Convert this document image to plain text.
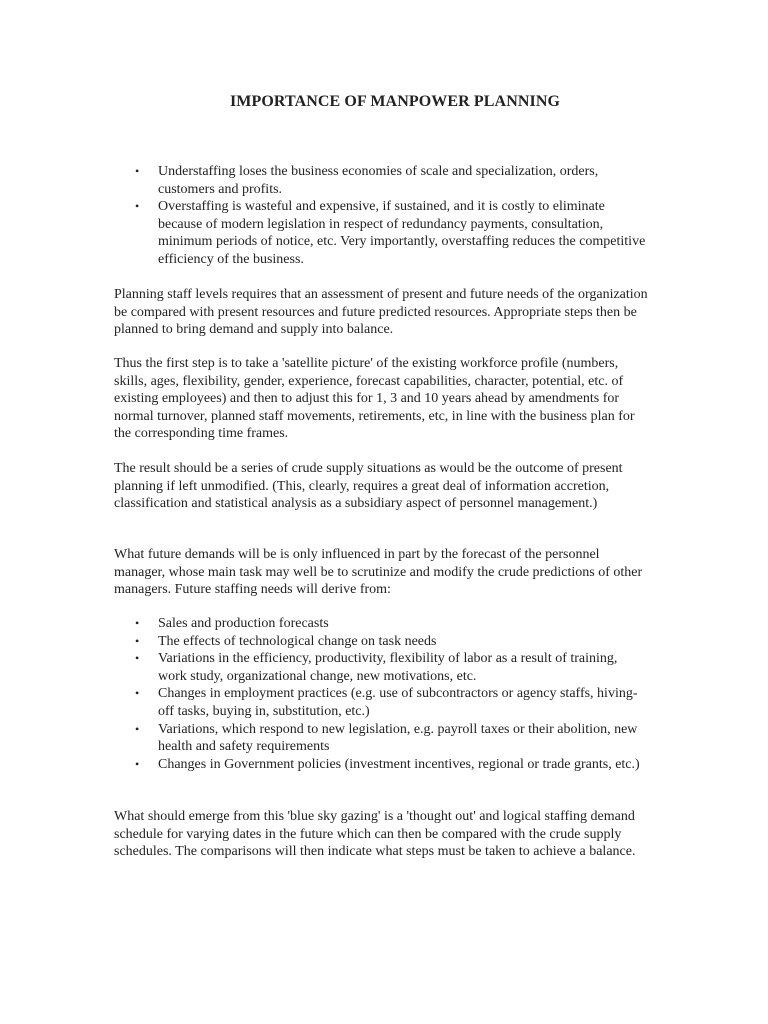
IMPORTANCE OF MANPOWER PLANNING
• Understaffing loses the business economies of scale and specialization, orders, customers and profits.
• Overstaffing is wasteful and expensive, if sustained, and it is costly to eliminate because of modern legislation in respect of redundancy payments, consultation, minimum periods of notice, etc. Very importantly, overstaffing reduces the competitive efficiency of the business.

Planning staff levels requires that an assessment of present and future needs of the organization be compared with present resources and future predicted resources. Appropriate steps then be planned to bring demand and supply into balance.

Thus the first step is to take a 'satellite picture' of the existing workforce profile (numbers, skills, ages, flexibility, gender, experience, forecast capabilities, character, potential, etc. of existing employees) and then to adjust this for 1, 3 and 10 years ahead by amendments for normal turnover, planned staff movements, retirements, etc, in line with the business plan for the corresponding time frames.

The result should be a series of crude supply situations as would be the outcome of present planning if left unmodified. (This, clearly, requires a great deal of information accretion, classification and statistical analysis as a subsidiary aspect of personnel management.)

What future demands will be is only influenced in part by the forecast of the personnel manager, whose main task may well be to scrutinize and modify the crude predictions of other managers. Future staffing needs will derive from:

• Sales and production forecasts
• The effects of technological change on task needs
• Variations in the efficiency, productivity, flexibility of labor as a result of training, work study, organizational change, new motivations, etc.
• Changes in employment practices (e.g. use of subcontractors or agency staffs, hiving-off tasks, buying in, substitution, etc.)
• Variations, which respond to new legislation, e.g. payroll taxes or their abolition, new health and safety requirements
• Changes in Government policies (investment incentives, regional or trade grants, etc.)

What should emerge from this 'blue sky gazing' is a 'thought out' and logical staffing demand schedule for varying dates in the future which can then be compared with the crude supply schedules. The comparisons will then indicate what steps must be taken to achieve a balance.
